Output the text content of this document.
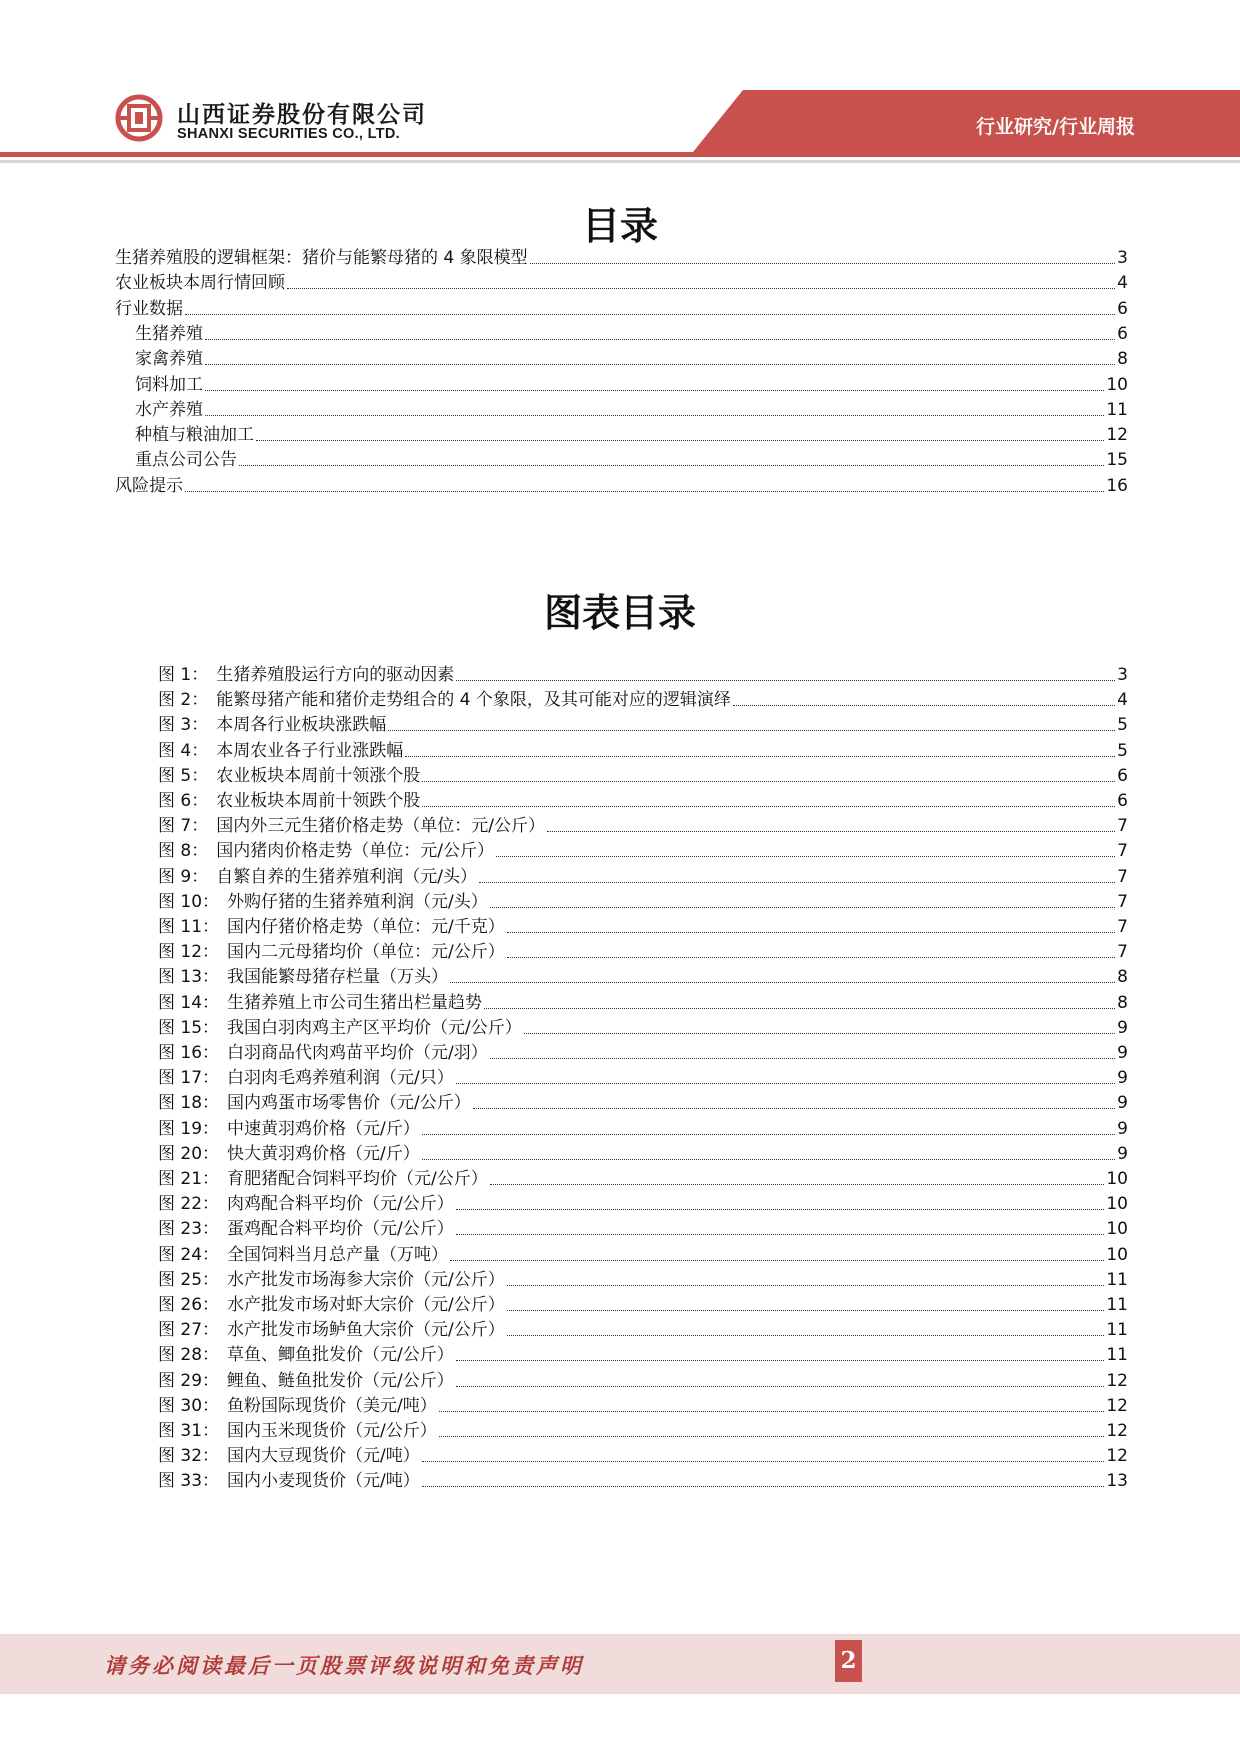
山西证券股份有限公司
SHANXI SECURITIES CO., LTD.	行业研究/行业周报
目录
生猪养殖股的逻辑框架：猪价与能繁母猪的 4 象限模型	3
农业板块本周行情回顾	4
行业数据	6
生猪养殖	6
家禽养殖	8
饲料加工	10
水产养殖	11
种植与粮油加工	12
重点公司公告	15
风险提示	16
图表目录
图 1： 生猪养殖股运行方向的驱动因素	3
图 2： 能繁母猪产能和猪价走势组合的 4 个象限，及其可能对应的逻辑演绎	4
图 3： 本周各行业板块涨跌幅	5
图 4： 本周农业各子行业涨跌幅	5
图 5： 农业板块本周前十领涨个股	6
图 6： 农业板块本周前十领跌个股	6
图 7： 国内外三元生猪价格走势（单位：元/公斤）	7
图 8： 国内猪肉价格走势（单位：元/公斤）	7
图 9： 自繁自养的生猪养殖利润（元/头）	7
图 10： 外购仔猪的生猪养殖利润（元/头）	7
图 11： 国内仔猪价格走势（单位：元/千克）	7
图 12： 国内二元母猪均价（单位：元/公斤）	7
图 13： 我国能繁母猪存栏量（万头）	8
图 14： 生猪养殖上市公司生猪出栏量趋势	8
图 15： 我国白羽肉鸡主产区平均价（元/公斤）	9
图 16： 白羽商品代肉鸡苗平均价（元/羽）	9
图 17： 白羽肉毛鸡养殖利润（元/只）	9
图 18： 国内鸡蛋市场零售价（元/公斤）	9
图 19： 中速黄羽鸡价格（元/斤）	9
图 20： 快大黄羽鸡价格（元/斤）	9
图 21： 育肥猪配合饲料平均价（元/公斤）	10
图 22： 肉鸡配合料平均价（元/公斤）	10
图 23： 蛋鸡配合料平均价（元/公斤）	10
图 24： 全国饲料当月总产量（万吨）	10
图 25： 水产批发市场海参大宗价（元/公斤）	11
图 26： 水产批发市场对虾大宗价（元/公斤）	11
图 27： 水产批发市场鲈鱼大宗价（元/公斤）	11
图 28： 草鱼、鲫鱼批发价（元/公斤）	11
图 29： 鲤鱼、鲢鱼批发价（元/公斤）	12
图 30： 鱼粉国际现货价（美元/吨）	12
图 31： 国内玉米现货价（元/公斤）	12
图 32： 国内大豆现货价（元/吨）	12
图 33： 国内小麦现货价（元/吨）	13
请务必阅读最后一页股票评级说明和免责声明	2
